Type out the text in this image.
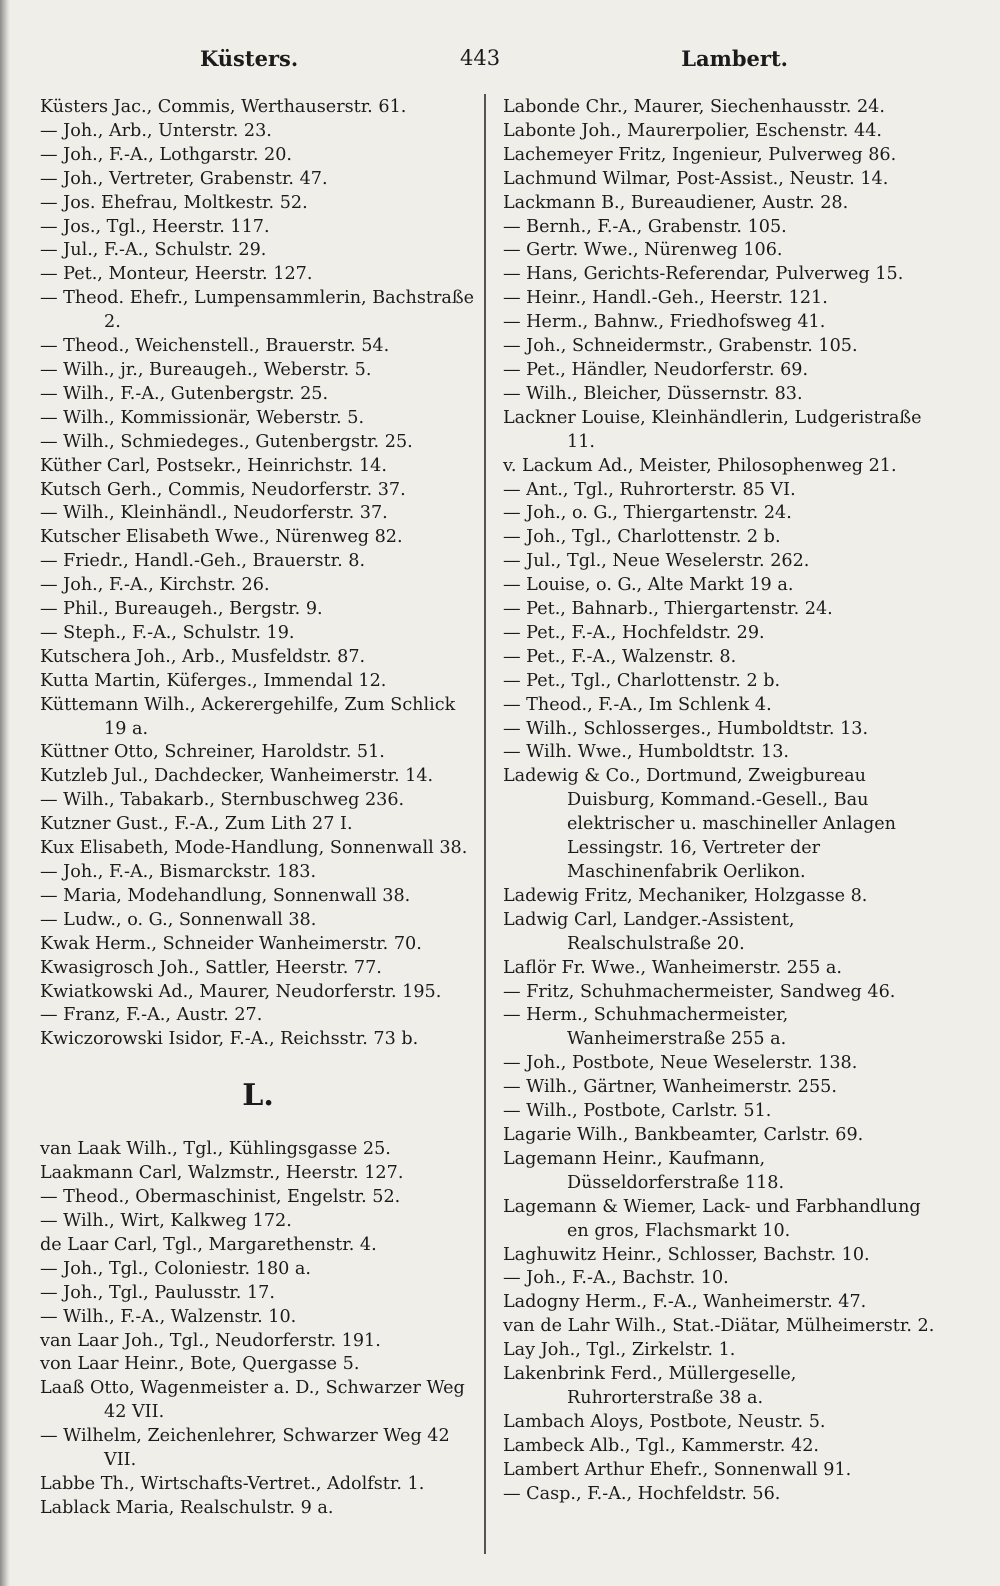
Küsters.	443	Lambert.
Küsters Jac., Commis, Werthauserstr. 61.
— Joh., Arb., Unterstr. 23.
— Joh., F.-A., Lothgarstr. 20.
— Joh., Vertreter, Grabenstr. 47.
— Jos. Ehefrau, Moltkestr. 52.
— Jos., Tgl., Heerstr. 117.
— Jul., F.-A., Schulstr. 29.
— Pet., Monteur, Heerstr. 127.
— Theod. Ehefr., Lumpensammlerin, Bachstraße 2.
— Theod., Weichenstell., Brauerstr. 54.
— Wilh., jr., Bureaugeh., Weberstr. 5.
— Wilh., F.-A., Gutenbergstr. 25.
— Wilh., Kommissionär, Weberstr. 5.
— Wilh., Schmiedeges., Gutenbergstr. 25.
Küther Carl, Postsekr., Heinrichstr. 14.
Kutsch Gerh., Commis, Neudorferstr. 37.
— Wilh., Kleinhändl., Neudorferstr. 37.
Kutscher Elisabeth Wwe., Nürenweg 82.
— Friedr., Handl.-Geh., Brauerstr. 8.
— Joh., F.-A., Kirchstr. 26.
— Phil., Bureaugeh., Bergstr. 9.
— Steph., F.-A., Schulstr. 19.
Kutschera Joh., Arb., Musfeldstr. 87.
Kutta Martin, Küferges., Immendal 12.
Küttemann Wilh., Ackerergehilfe, Zum Schlick 19 a.
Küttner Otto, Schreiner, Haroldstr. 51.
Kutzleb Jul., Dachdecker, Wanheimerstr. 14.
— Wilh., Tabakarb., Sternbuschweg 236.
Kutzner Gust., F.-A., Zum Lith 27 I.
Kux Elisabeth, Mode-Handlung, Sonnenwall 38.
— Joh., F.-A., Bismarckstr. 183.
— Maria, Modehandlung, Sonnenwall 38.
— Ludw., o. G., Sonnenwall 38.
Kwak Herm., Schneider Wanheimerstr. 70.
Kwasigrosch Joh., Sattler, Heerstr. 77.
Kwiatkowski Ad., Maurer, Neudorferstr. 195.
— Franz, F.-A., Austr. 27.
Kwiczorowski Isidor, F.-A., Reichsstr. 73 b.
L.
van Laak Wilh., Tgl., Kühlingsgasse 25.
Laakmann Carl, Walzmstr., Heerstr. 127.
— Theod., Obermaschinist, Engelstr. 52.
— Wilh., Wirt, Kalkweg 172.
de Laar Carl, Tgl., Margarethenstr. 4.
— Joh., Tgl., Coloniestr. 180 a.
— Joh., Tgl., Paulusstr. 17.
— Wilh., F.-A., Walzenstr. 10.
van Laar Joh., Tgl., Neudorferstr. 191.
von Laar Heinr., Bote, Quergasse 5.
Laaß Otto, Wagenmeister a. D., Schwarzer Weg 42 VII.
— Wilhelm, Zeichenlehrer, Schwarzer Weg 42 VII.
Labbe Th., Wirtschafts-Vertret., Adolfstr. 1.
Lablack Maria, Realschulstr. 9 a.
Labonde Chr., Maurer, Siechenhausstr. 24.
Labonte Joh., Maurerpolier, Eschenstr. 44.
Lachemeyer Fritz, Ingenieur, Pulverweg 86.
Lachmund Wilmar, Post-Assist., Neustr. 14.
Lackmann B., Bureaudiener, Austr. 28.
— Bernh., F.-A., Grabenstr. 105.
— Gertr. Wwe., Nürenweg 106.
— Hans, Gerichts-Referendar, Pulverweg 15.
— Heinr., Handl.-Geh., Heerstr. 121.
— Herm., Bahnw., Friedhofsweg 41.
— Joh., Schneidermstr., Grabenstr. 105.
— Pet., Händler, Neudorferstr. 69.
— Wilh., Bleicher, Düssernstr. 83.
Lackner Louise, Kleinhändlerin, Ludgeristraße 11.
v. Lackum Ad., Meister, Philosophenweg 21.
— Ant., Tgl., Ruhrorterstr. 85 VI.
— Joh., o. G., Thiergartenstr. 24.
— Joh., Tgl., Charlottenstr. 2 b.
— Jul., Tgl., Neue Weselerstr. 262.
— Louise, o. G., Alte Markt 19 a.
— Pet., Bahnarb., Thiergartenstr. 24.
— Pet., F.-A., Hochfeldstr. 29.
— Pet., F.-A., Walzenstr. 8.
— Pet., Tgl., Charlottenstr. 2 b.
— Theod., F.-A., Im Schlenk 4.
— Wilh., Schlosserges., Humboldtstr. 13.
— Wilh. Wwe., Humboldtstr. 13.
Ladewig & Co., Dortmund, Zweigbureau Duisburg, Kommand.-Gesell., Bau elektrischer u. maschineller Anlagen Lessingstr. 16, Vertreter der Maschinenfabrik Oerlikon.
Ladewig Fritz, Mechaniker, Holzgasse 8.
Ladwig Carl, Landger.-Assistent, Realschulstraße 20.
Laflör Fr. Wwe., Wanheimerstr. 255 a.
— Fritz, Schuhmachermeister, Sandweg 46.
— Herm., Schuhmachermeister, Wanheimerstraße 255 a.
— Joh., Postbote, Neue Weselerstr. 138.
— Wilh., Gärtner, Wanheimerstr. 255.
— Wilh., Postbote, Carlstr. 51.
Lagarie Wilh., Bankbeamter, Carlstr. 69.
Lagemann Heinr., Kaufmann, Düsseldorferstraße 118.
Lagemann & Wiemer, Lack- und Farbhandlung en gros, Flachsmarkt 10.
Laghuwitz Heinr., Schlosser, Bachstr. 10.
— Joh., F.-A., Bachstr. 10.
Ladogny Herm., F.-A., Wanheimerstr. 47.
van de Lahr Wilh., Stat.-Diätar, Mülheimerstr. 2.
Lay Joh., Tgl., Zirkelstr. 1.
Lakenbrink Ferd., Müllergeselle, Ruhrorterstraße 38 a.
Lambach Aloys, Postbote, Neustr. 5.
Lambeck Alb., Tgl., Kammerstr. 42.
Lambert Arthur Ehefr., Sonnenwall 91.
— Casp., F.-A., Hochfeldstr. 56.
